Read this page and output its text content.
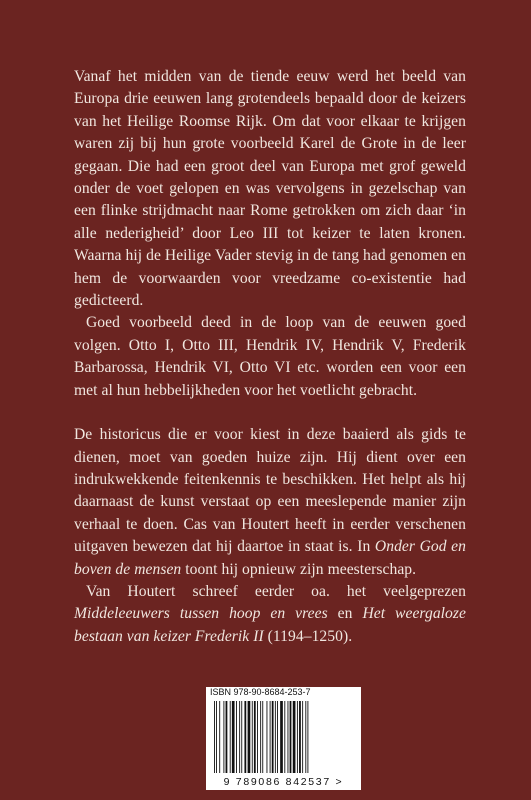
Vanaf het midden van de tiende eeuw werd het beeld van Europa drie eeuwen lang grotendeels bepaald door de keizers van het Heilige Roomse Rijk. Om dat voor elkaar te krijgen waren zij bij hun grote voorbeeld Karel de Grote in de leer gegaan. Die had een groot deel van Europa met grof geweld onder de voet gelopen en was vervolgens in gezelschap van een flinke strijdmacht naar Rome getrokken om zich daar ‘in alle nederigheid’ door Leo III tot keizer te laten kronen. Waarna hij de Heilige Vader stevig in de tang had genomen en hem de voorwaarden voor vreedzame co-existentie had gedicteerd.

Goed voorbeeld deed in de loop van de eeuwen goed volgen. Otto I, Otto III, Hendrik IV, Hendrik V, Frederik Barbarossa, Hendrik VI, Otto VI etc. worden een voor een met al hun hebbelijkheden voor het voetlicht gebracht.

De historicus die er voor kiest in deze baaierd als gids te dienen, moet van goeden huize zijn. Hij dient over een indrukwekkende feitenkennis te beschikken. Het helpt als hij daarnaast de kunst verstaat op een meeslepende manier zijn verhaal te doen. Cas van Houtert heeft in eerder verschenen uitgaven bewezen dat hij daartoe in staat is. In Onder God en boven de mensen toont hij opnieuw zijn meesterschap.

Van Houtert schreef eerder oa. het veelgeprezen Middeleeuwers tussen hoop en vrees en Het weergaloze bestaan van keizer Frederik II (1194–1250).

ISBN 978-90-8684-253-7
9 789086 842537 >
